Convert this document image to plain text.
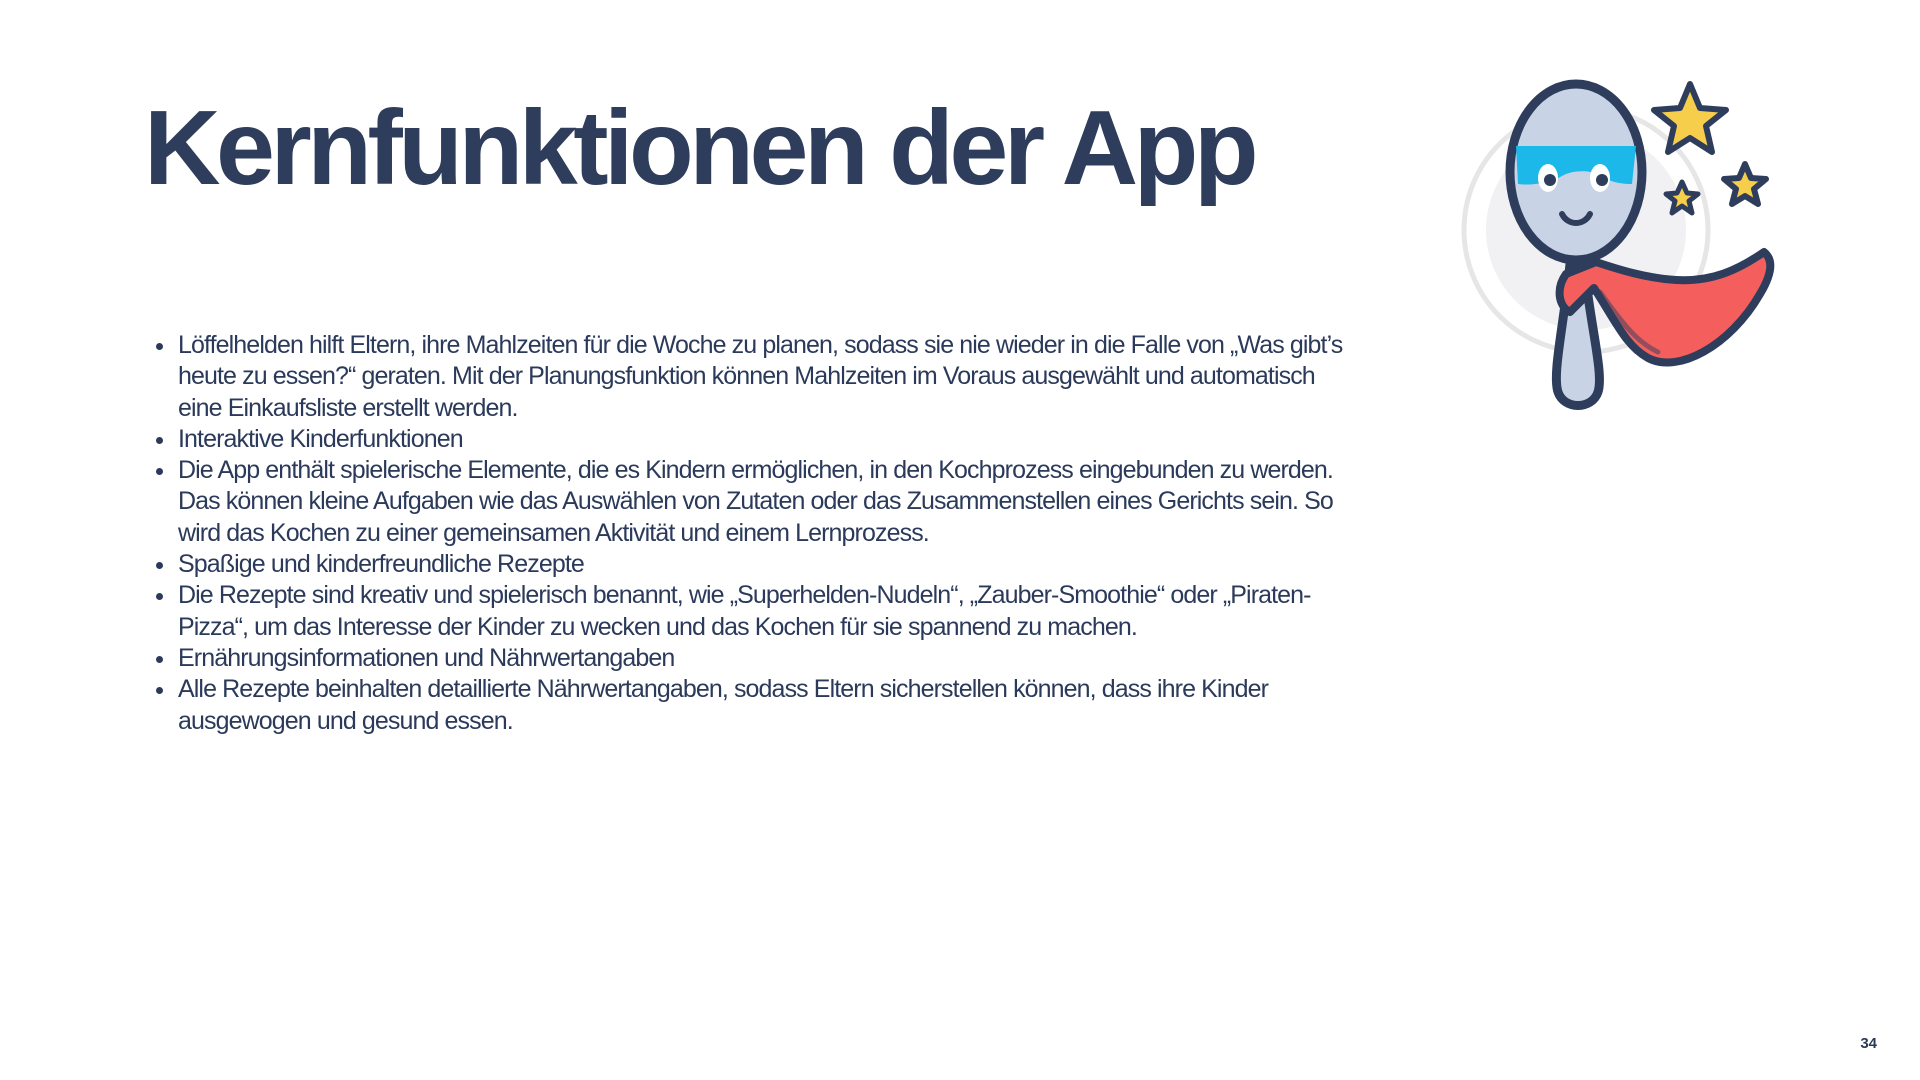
Kernfunktionen der App
Löffelhelden hilft Eltern, ihre Mahlzeiten für die Woche zu planen, sodass sie nie wieder in die Falle von „Was gibt’s heute zu essen?“ geraten. Mit der Planungsfunktion können Mahlzeiten im Voraus ausgewählt und automatisch eine Einkaufsliste erstellt werden.
Interaktive Kinderfunktionen
Die App enthält spielerische Elemente, die es Kindern ermöglichen, in den Kochprozess eingebunden zu werden. Das können kleine Aufgaben wie das Auswählen von Zutaten oder das Zusammenstellen eines Gerichts sein. So wird das Kochen zu einer gemeinsamen Aktivität und einem Lernprozess.
Spaßige und kinderfreundliche Rezepte
Die Rezepte sind kreativ und spielerisch benannt, wie „Superhelden-Nudeln“, „Zauber-Smoothie“ oder „Piraten-Pizza“, um das Interesse der Kinder zu wecken und das Kochen für sie spannend zu machen.
Ernährungsinformationen und Nährwertangaben
Alle Rezepte beinhalten detaillierte Nährwertangaben, sodass Eltern sicherstellen können, dass ihre Kinder ausgewogen und gesund essen.
34
